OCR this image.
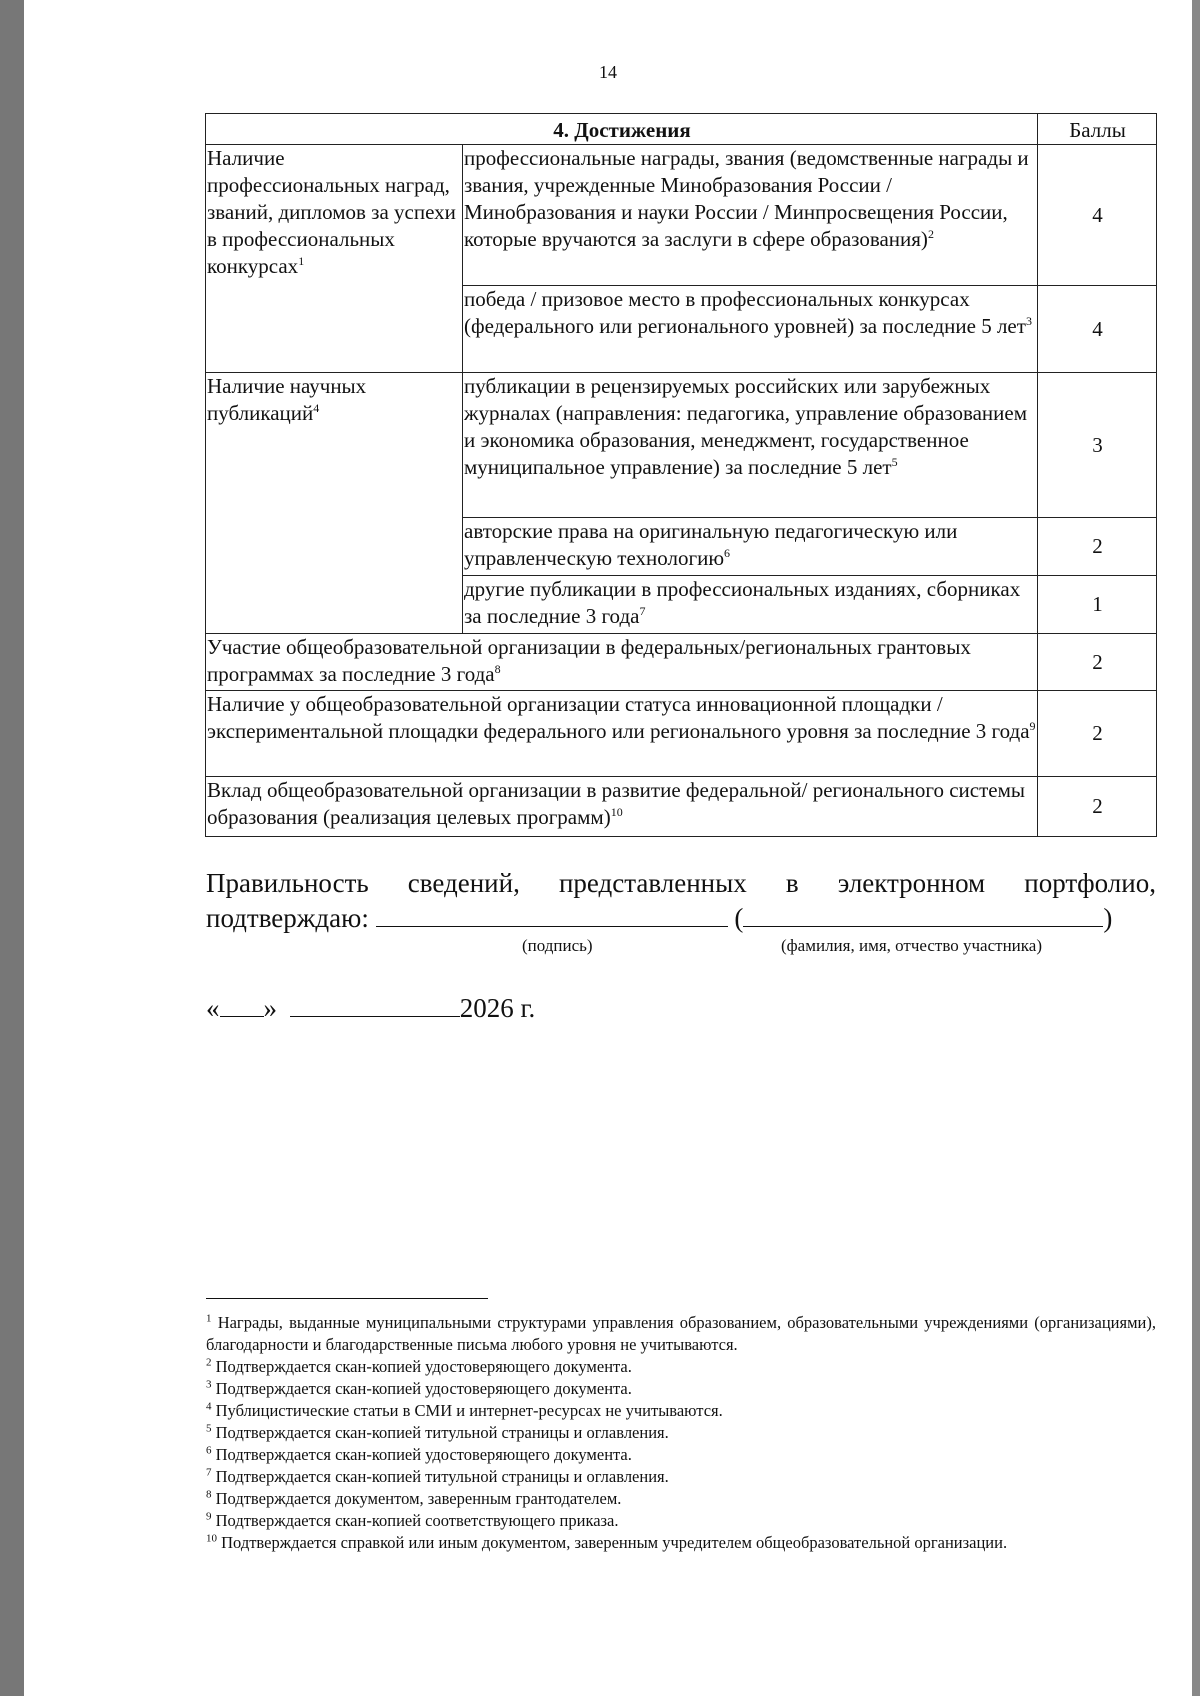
14
4. Достижения		Баллы
Наличие профессиональных наград, званий, дипломов за успехи в профессиональных конкурсах$^1$	профессиональные награды, звания (ведомственные награды и звания, учрежденные Минобразования России / Минобразования и науки России / Минпросвещения России, которые вручаются за заслуги в сфере образования)$^2$	4
	победа / призовое место в профессиональных конкурсах (федерального или регионального уровней) за последние 5 лет$^3$	4
Наличие научных публикаций$^4$	публикации в рецензируемых российских или зарубежных журналах (направления: педагогика, управление образованием и экономика образования, менеджмент, государственное муниципальное управление) за последние 5 лет$^5$	3
	авторские права на оригинальную педагогическую или управленческую технологию$^6$	2
	другие публикации в профессиональных изданиях, сборниках за последние 3 года$^7$	1
Участие общеобразовательной организации в федеральных/региональных грантовых программах за последние 3 года$^8$		2
Наличие у общеобразовательной организации статуса инновационной площадки / экспериментальной площадки федерального или регионального уровня за последние 3 года$^9$		2
Вклад общеобразовательной организации в развитие федеральной/ регионального системы образования (реализация целевых программ)$^{10}$		2
Правильность сведений, представленных в электронном портфолио,
подтверждаю:	(	)
(подпись)	(фамилия, имя, отчество участника)
« »	2026 г.

$^1$ Награды, выданные муниципальными структурами управления образованием, образовательными учреждениями (организациями), благодарности и благодарственные письма любого уровня не учитываются.

$^2$ Подтверждается скан-копией удостоверяющего документа.

$^3$ Подтверждается скан-копией удостоверяющего документа.

$^4$ Публицистические статьи в СМИ и интернет-ресурсах не учитываются.

$^5$ Подтверждается скан-копией титульной страницы и оглавления.

$^6$ Подтверждается скан-копией удостоверяющего документа.

$^7$ Подтверждается скан-копией титульной страницы и оглавления.

$^8$ Подтверждается документом, заверенным грантодателем.

$^9$ Подтверждается скан-копией соответствующего приказа.

$^{10}$ Подтверждается справкой или иным документом, заверенным учредителем общеобразовательной организации.
